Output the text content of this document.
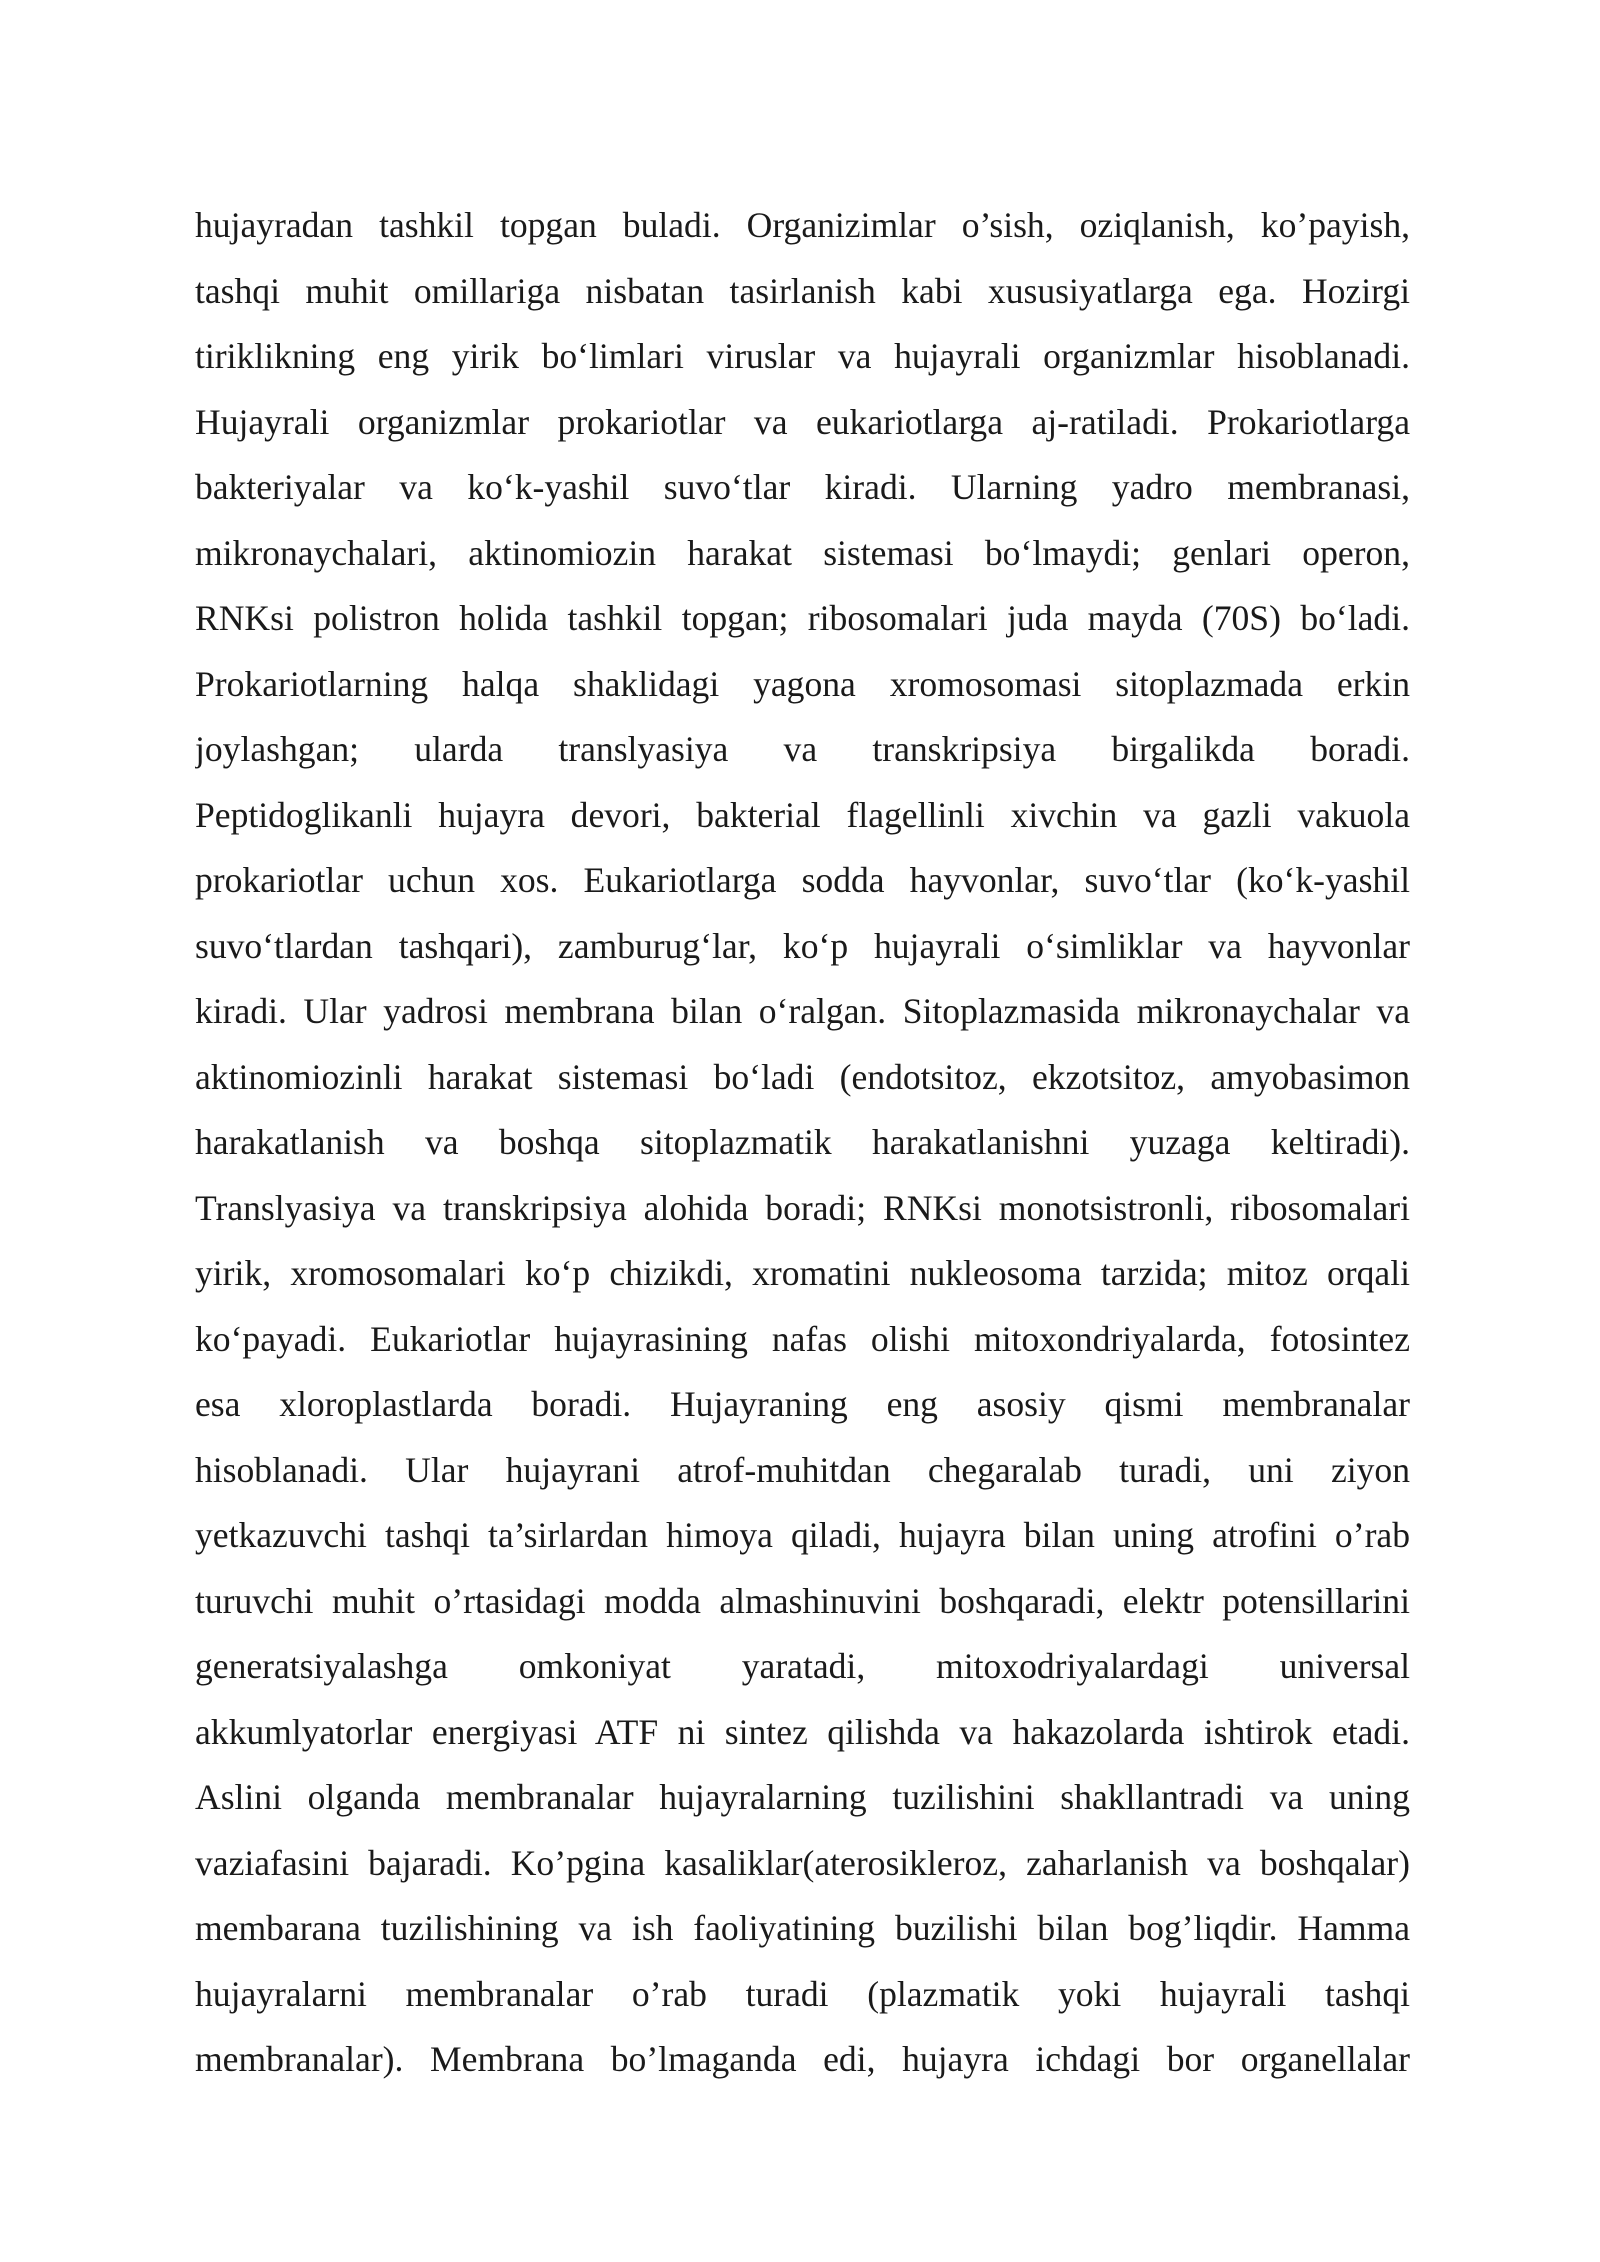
hujayradan tashkil topgan buladi. Organizimlar o’sish, oziqlanish, ko’payish,
tashqi muhit omillariga nisbatan tasirlanish kabi xususiyatlarga ega. Hozirgi
tiriklikning eng yirik boʻlimlari viruslar va hujayrali organizmlar hisoblanadi.
Hujayrali organizmlar prokariotlar va eukariotlarga aj-ratiladi. Prokariotlarga
bakteriyalar va koʻk-yashil suvoʻtlar kiradi. Ularning yadro membranasi,
mikronaychalari, aktinomiozin harakat sistemasi boʻlmaydi; genlari operon,
RNKsi polistron holida tashkil topgan; ribosomalari juda mayda (70S) boʻladi.
Prokariotlarning halqa shaklidagi yagona xromosomasi sitoplazmada erkin
joylashgan; ularda translyasiya va transkripsiya birgalikda boradi.
Peptidoglikanli hujayra devori, bakterial flagellinli xivchin va gazli vakuola
prokariotlar uchun xos. Eukariotlarga sodda hayvonlar, suvoʻtlar (koʻk-yashil
suvoʻtlardan tashqari), zamburugʻlar, koʻp hujayrali oʻsimliklar va hayvonlar
kiradi. Ular yadrosi membrana bilan oʻralgan. Sitoplazmasida mikronaychalar va
aktinomiozinli harakat sistemasi boʻladi (endotsitoz, ekzotsitoz, amyobasimon
harakatlanish va boshqa sitoplazmatik harakatlanishni yuzaga keltiradi).
Translyasiya va transkripsiya alohida boradi; RNKsi monotsistronli, ribosomalari
yirik, xromosomalari koʻp chizikdi, xromatini nukleosoma tarzida; mitoz orqali
koʻpayadi. Eukariotlar hujayrasining nafas olishi mitoxondriyalarda, fotosintez
esa xloroplastlarda boradi. Hujayraning eng asosiy qismi membranalar
hisoblanadi. Ular hujayrani atrof-muhitdan chegaralab turadi, uni ziyon
yetkazuvchi tashqi ta’sirlardan himoya qiladi, hujayra bilan uning atrofini o’rab
turuvchi muhit o’rtasidagi modda almashinuvini boshqaradi, elektr potensillarini
generatsiyalashga omkoniyat yaratadi, mitoxodriyalardagi universal
akkumlyatorlar energiyasi ATF ni sintez qilishda va hakazolarda ishtirok etadi.
Aslini olganda membranalar hujayralarning tuzilishini shakllantradi va uning
vaziafasini bajaradi. Ko’pgina kasaliklar(aterosikleroz, zaharlanish va boshqalar)
membarana tuzilishining va ish faoliyatining buzilishi bilan bog’liqdir. Hamma
hujayralarni membranalar o’rab turadi (plazmatik yoki hujayrali tashqi
membranalar). Membrana bo’lmaganda edi, hujayra ichdagi bor organellalar
